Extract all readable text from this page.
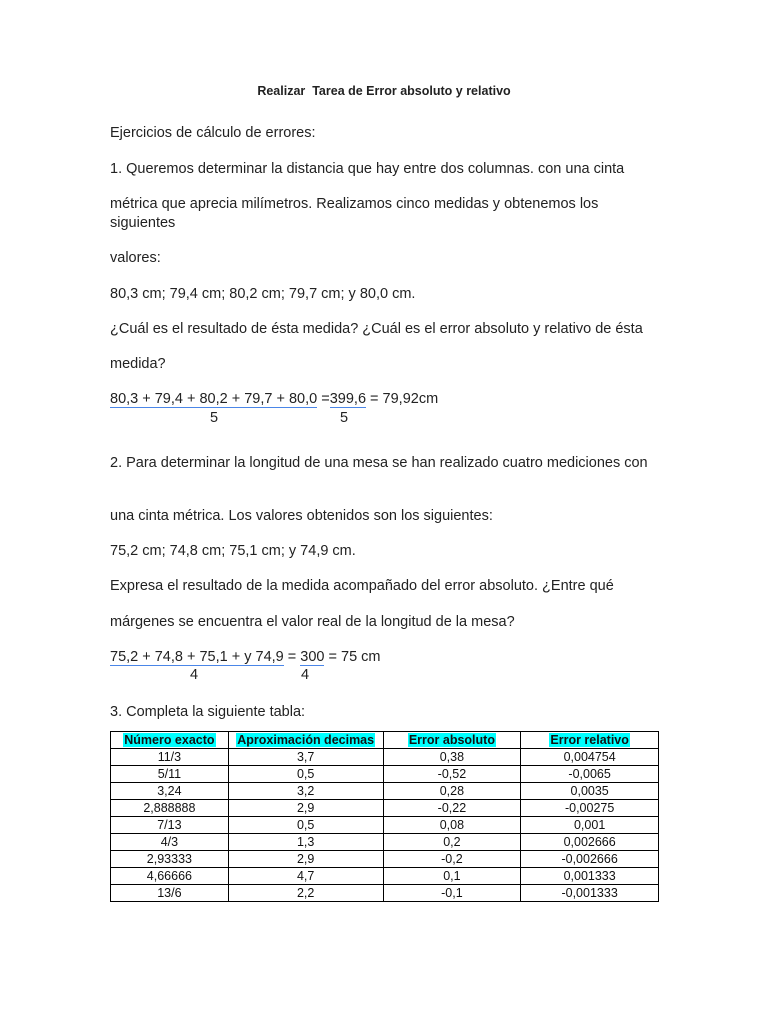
Realizar  Tarea de Error absoluto y relativo
Ejercicios de cálculo de errores:
1. Queremos determinar la distancia que hay entre dos columnas. con una cinta
métrica que aprecia milímetros. Realizamos cinco medidas y obtenemos los siguientes
valores:
80,3 cm; 79,4 cm; 80,2 cm; 79,7 cm; y 80,0 cm.
¿Cuál es el resultado de ésta medida? ¿Cuál es el error absoluto y relativo de ésta
medida?
80,3 + 79,4 + 80,2 + 79,7 + 80,0 =399,6 = 79,92cm
5	5
2. Para determinar la longitud de una mesa se han realizado cuatro mediciones con
una cinta métrica. Los valores obtenidos son los siguientes:
75,2 cm; 74,8 cm; 75,1 cm; y 74,9 cm.
Expresa el resultado de la medida acompañado del error absoluto. ¿Entre qué
márgenes se encuentra el valor real de la longitud de la mesa?
75,2 + 74,8 + 75,1 + y 74,9 = 300 = 75 cm
4	4
3. Completa la siguiente tabla:
Número exacto	Aproximación decimas	Error absoluto	Error relativo
11/3	3,7	0,38	0,004754
5/11	0,5	-0,52	-0,0065
3,24	3,2	0,28	0,0035
2,888888	2,9	-0,22	-0,00275
7/13	0,5	0,08	0,001
4/3	1,3	0,2	0,002666
2,93333	2,9	-0,2	-0,002666
4,66666	4,7	0,1	0,001333
13/6	2,2	-0,1	-0,001333
